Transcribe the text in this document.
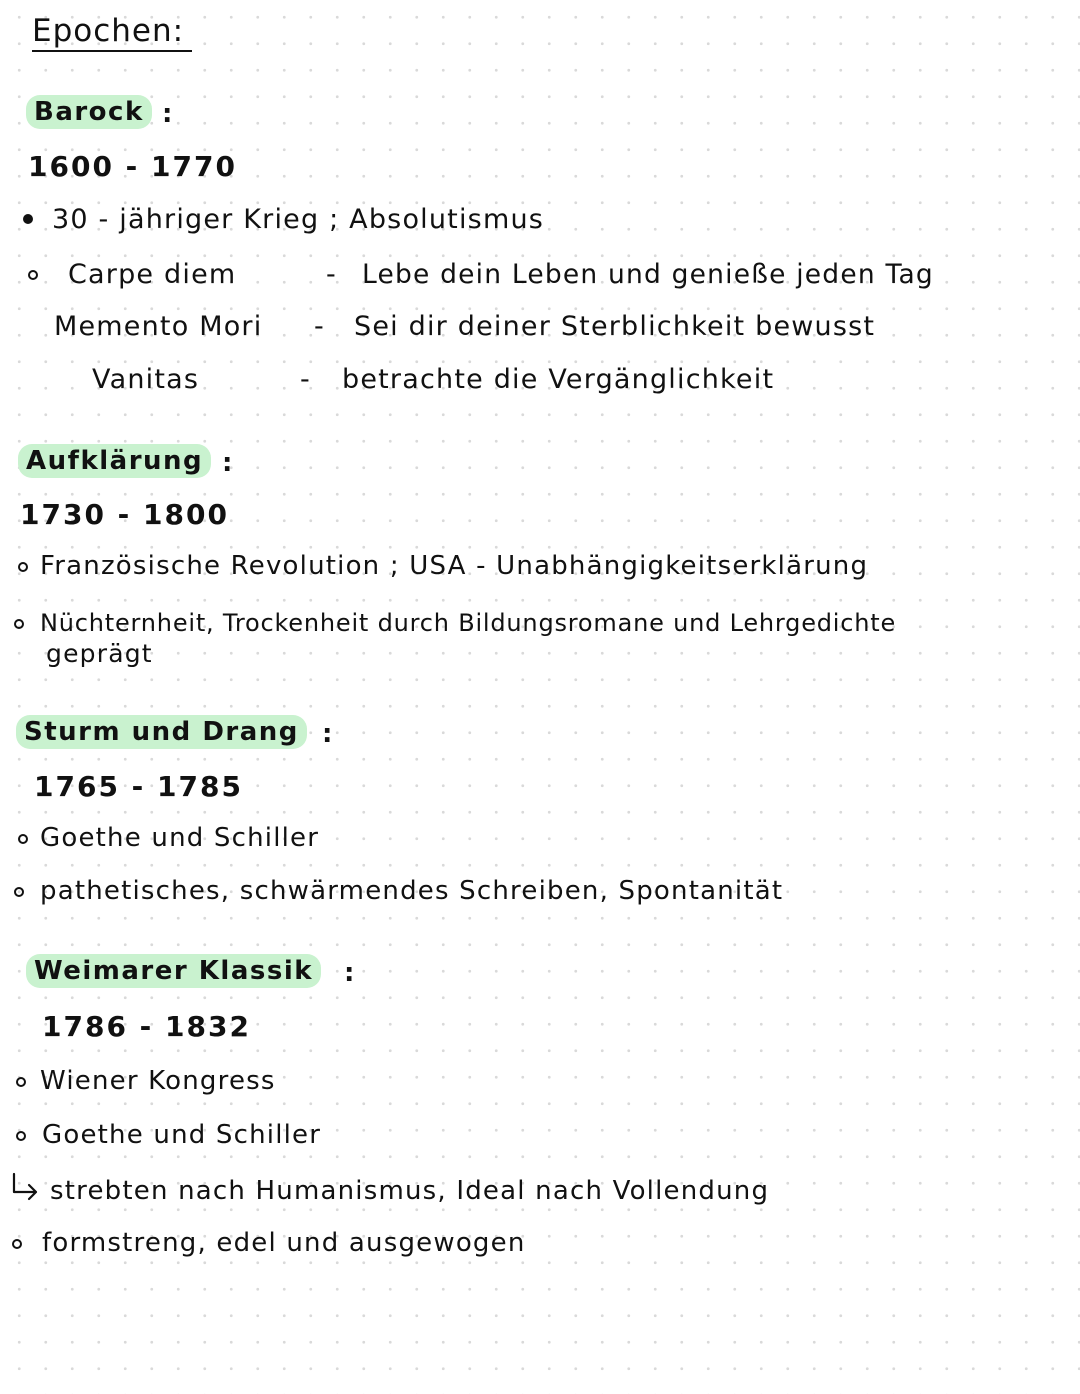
Epochen:
Barock :
1600 - 1770
30 - jähriger Krieg ; Absolutismus
Carpe diem	- Lebe dein Leben und genieße jeden Tag
Memento Mori - Sei dir deiner Sterblichkeit bewusst
Vanitas	- betrachte die Vergänglichkeit
Aufklärung :
1730 - 1800
Französische Revolution ; USA - Unabhängigkeitserklärung
Nüchternheit, Trockenheit durch Bildungsromane und Lehrgedichte
geprägt
Sturm und Drang :
1765 - 1785
Goethe und Schiller
pathetisches, schwärmendes Schreiben, Spontanität
Weimarer Klassik	:
1786 - 1832
Wiener Kongress
Goethe und Schiller
strebten nach Humanismus, Ideal nach Vollendung
formstreng, edel und ausgewogen
